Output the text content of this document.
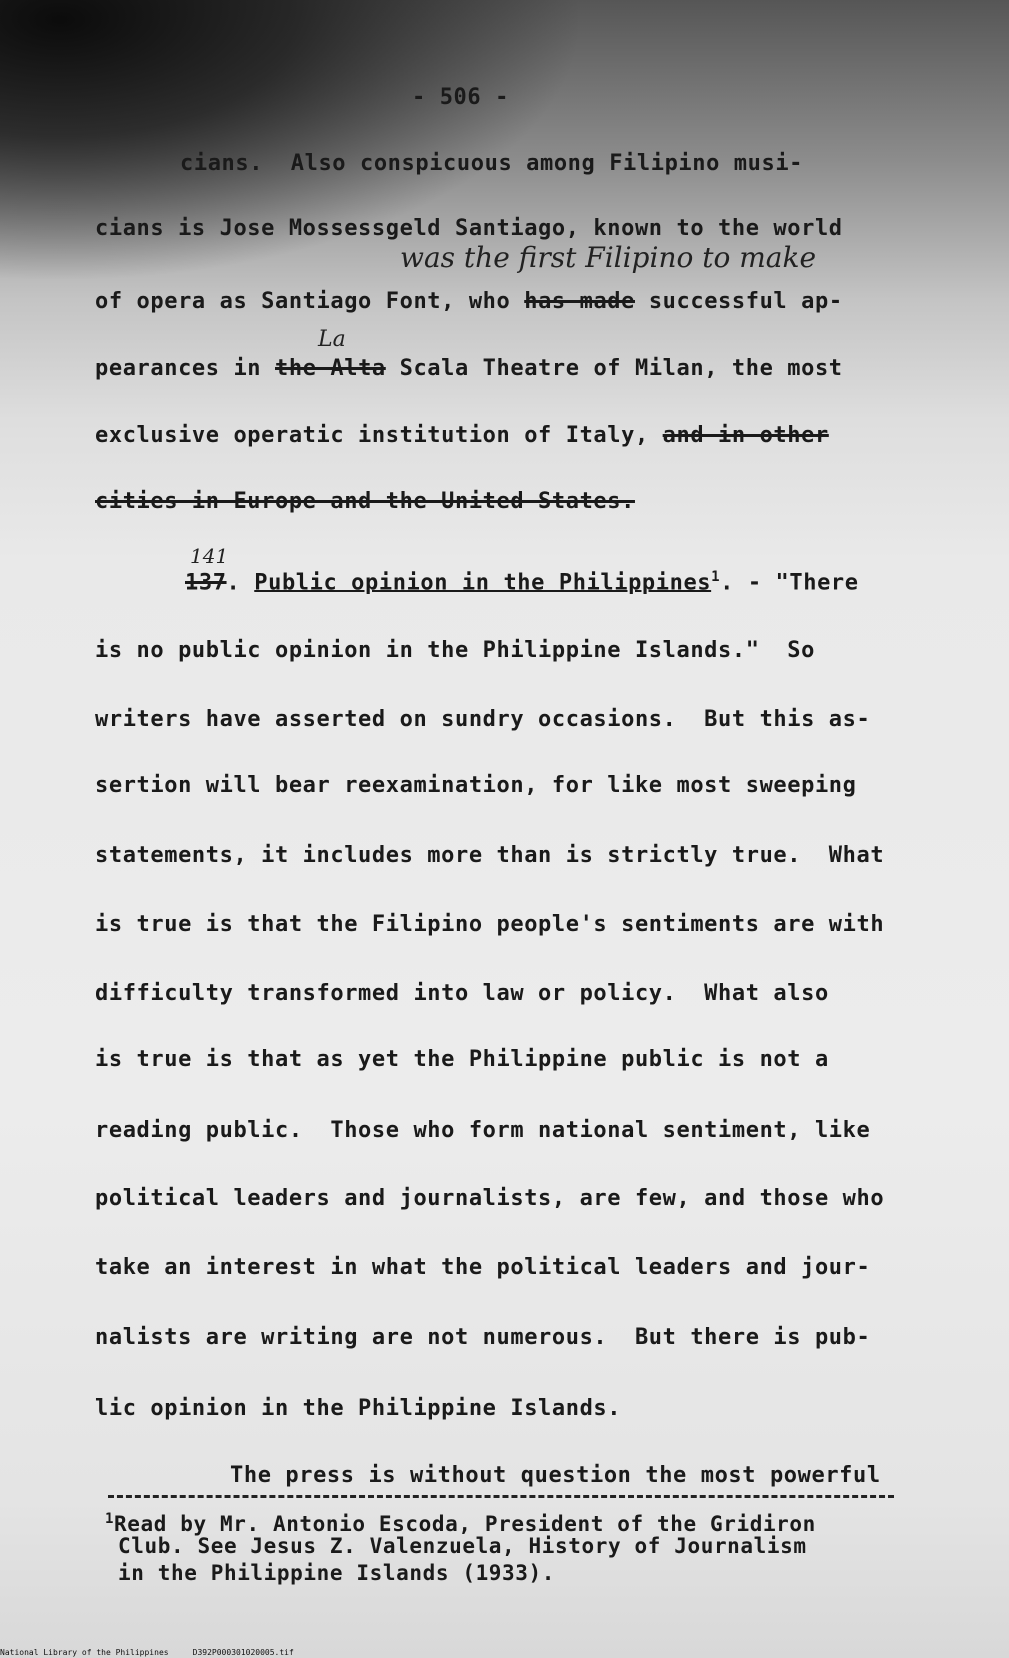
- 506 -

cians.  Also conspicuous among Filipino musi-

cians is Jose Mossessgeld Santiago, known to the world

was the first Filipino to make

of opera as Santiago Font, who has made successful ap-

La

pearances in the Alta Scala Theatre of Milan, the most

exclusive operatic institution of Italy, and in other

cities in Europe and the United States.

141

137. Public opinion in the Philippines$^1$. - "There

is no public opinion in the Philippine Islands."  So

writers have asserted on sundry occasions.  But this as-

sertion will bear reexamination, for like most sweeping

statements, it includes more than is strictly true.  What

is true is that the Filipino people's sentiments are with

difficulty transformed into law or policy.  What also

is true is that as yet the Philippine public is not a

reading public.  Those who form national sentiment, like

political leaders and journalists, are few, and those who

take an interest in what the political leaders and jour-

nalists are writing are not numerous.  But there is pub-

lic opinion in the Philippine Islands.

The press is without question the most powerful

$^1$Read by Mr. Antonio Escoda, President of the Gridiron

Club. See Jesus Z. Valenzuela, History of Journalism

in the Philippine Islands (1933).

National Library of the Philippines     D392P000301020005.tif
